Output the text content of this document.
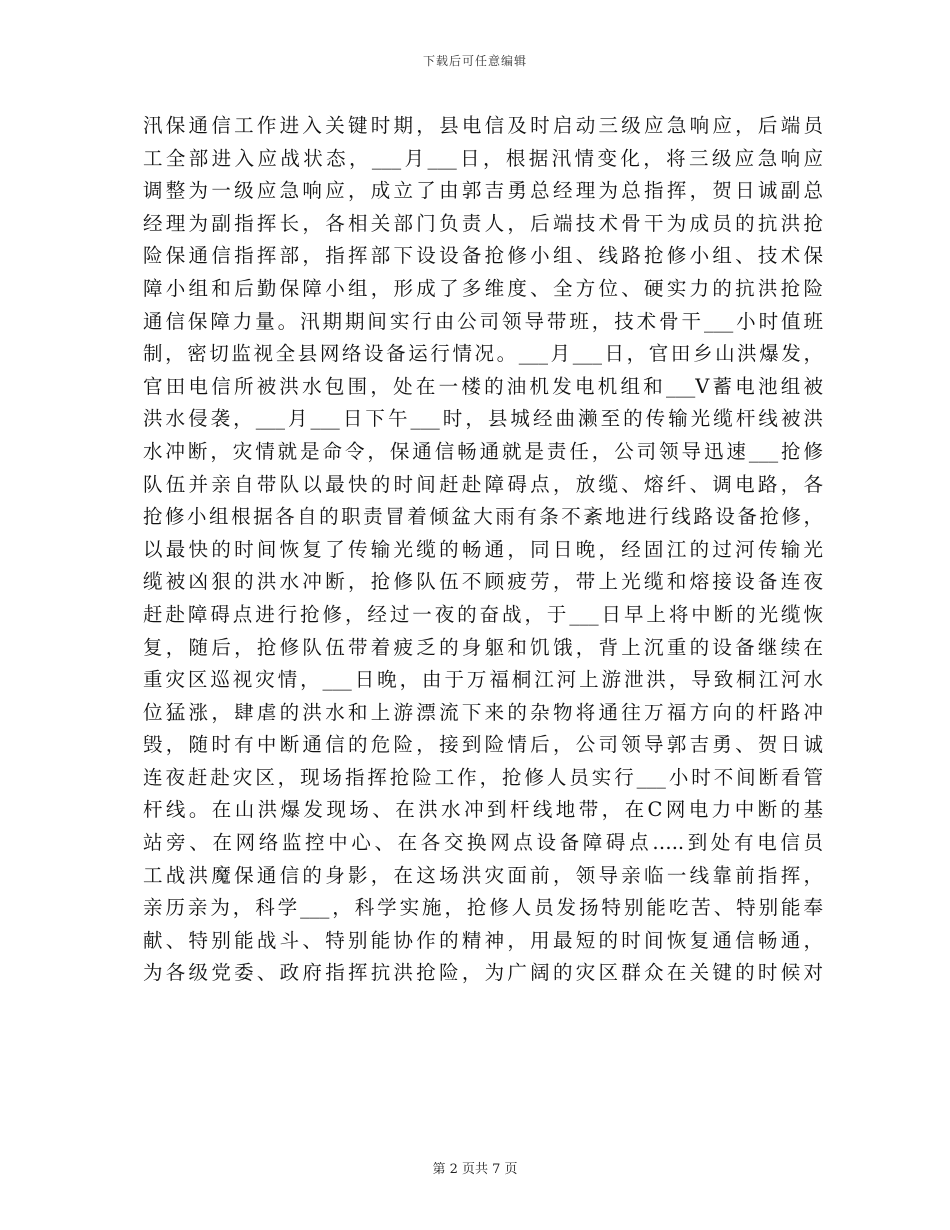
下载后可任意编辑
汛保通信工作进入关键时期，县电信及时启动三级应急响应，后端员
工全部进入应战状态，___月___日，根据汛情变化，将三级应急响应
调整为一级应急响应，成立了由郭吉勇总经理为总指挥，贺日诚副总
经理为副指挥长，各相关部门负责人，后端技术骨干为成员的抗洪抢
险保通信指挥部，指挥部下设设备抢修小组、线路抢修小组、技术保
障小组和后勤保障小组，形成了多维度、全方位、硬实力的抗洪抢险
通信保障力量。汛期期间实行由公司领导带班，技术骨干___小时值班
制，密切监视全县网络设备运行情况。___月___日，官田乡山洪爆发，
官田电信所被洪水包围，处在一楼的油机发电机组和___V蓄电池组被
洪水侵袭，___月___日下午___时，县城经曲濑至的传输光缆杆线被洪
水冲断，灾情就是命令，保通信畅通就是责任，公司领导迅速___抢修
队伍并亲自带队以最快的时间赶赴障碍点，放缆、熔纤、调电路，各
抢修小组根据各自的职责冒着倾盆大雨有条不紊地进行线路设备抢修，
以最快的时间恢复了传输光缆的畅通，同日晚，经固江的过河传输光
缆被凶狠的洪水冲断，抢修队伍不顾疲劳，带上光缆和熔接设备连夜
赶赴障碍点进行抢修，经过一夜的奋战，于___日早上将中断的光缆恢
复，随后，抢修队伍带着疲乏的身躯和饥饿，背上沉重的设备继续在
重灾区巡视灾情，___日晚，由于万福桐江河上游泄洪，导致桐江河水
位猛涨，肆虐的洪水和上游漂流下来的杂物将通往万福方向的杆路冲
毁，随时有中断通信的危险，接到险情后，公司领导郭吉勇、贺日诚
连夜赶赴灾区，现场指挥抢险工作，抢修人员实行___小时不间断看管
杆线。在山洪爆发现场、在洪水冲到杆线地带，在C网电力中断的基
站旁、在网络监控中心、在各交换网点设备障碍点…..到处有电信员
工战洪魔保通信的身影，在这场洪灾面前，领导亲临一线靠前指挥，
亲历亲为，科学___，科学实施，抢修人员发扬特别能吃苦、特别能奉
献、特别能战斗、特别能协作的精神，用最短的时间恢复通信畅通，
为各级党委、政府指挥抗洪抢险，为广阔的灾区群众在关键的时候对
第 2 页共 7 页
